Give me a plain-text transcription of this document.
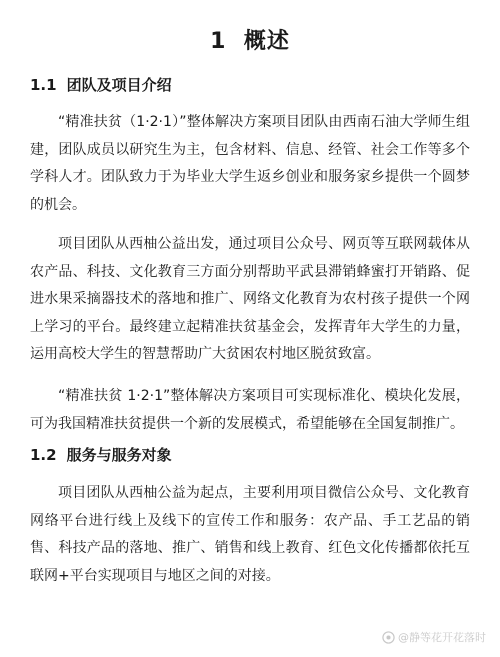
1 概述
1.1 团队及项目介绍

“精准扶贫（1·2·1）”整体解决方案项目团队由西南石油大学师生组建，团队成员以研究生为主，包含材料、信息、经管、社会工作等多个学科人才。团队致力于为毕业大学生返乡创业和服务家乡提供一个圆梦的机会。

项目团队从西柚公益出发，通过项目公众号、网页等互联网载体从农产品、科技、文化教育三方面分别帮助平武县滞销蜂蜜打开销路、促进水果采摘器技术的落地和推广、网络文化教育为农村孩子提供一个网上学习的平台。最终建立起精准扶贫基金会，发挥青年大学生的力量，运用高校大学生的智慧帮助广大贫困农村地区脱贫致富。

“精准扶贫 1·2·1”整体解决方案项目可实现标准化、模块化发展，可为我国精准扶贫提供一个新的发展模式，希望能够在全国复制推广。

1.2 服务与服务对象

项目团队从西柚公益为起点，主要利用项目微信公众号、文化教育网络平台进行线上及线下的宣传工作和服务：农产品、手工艺品的销售、科技产品的落地、推广、销售和线上教育、红色文化传播都依托互联网+平台实现项目与地区之间的对接。

@静等花开花落时
